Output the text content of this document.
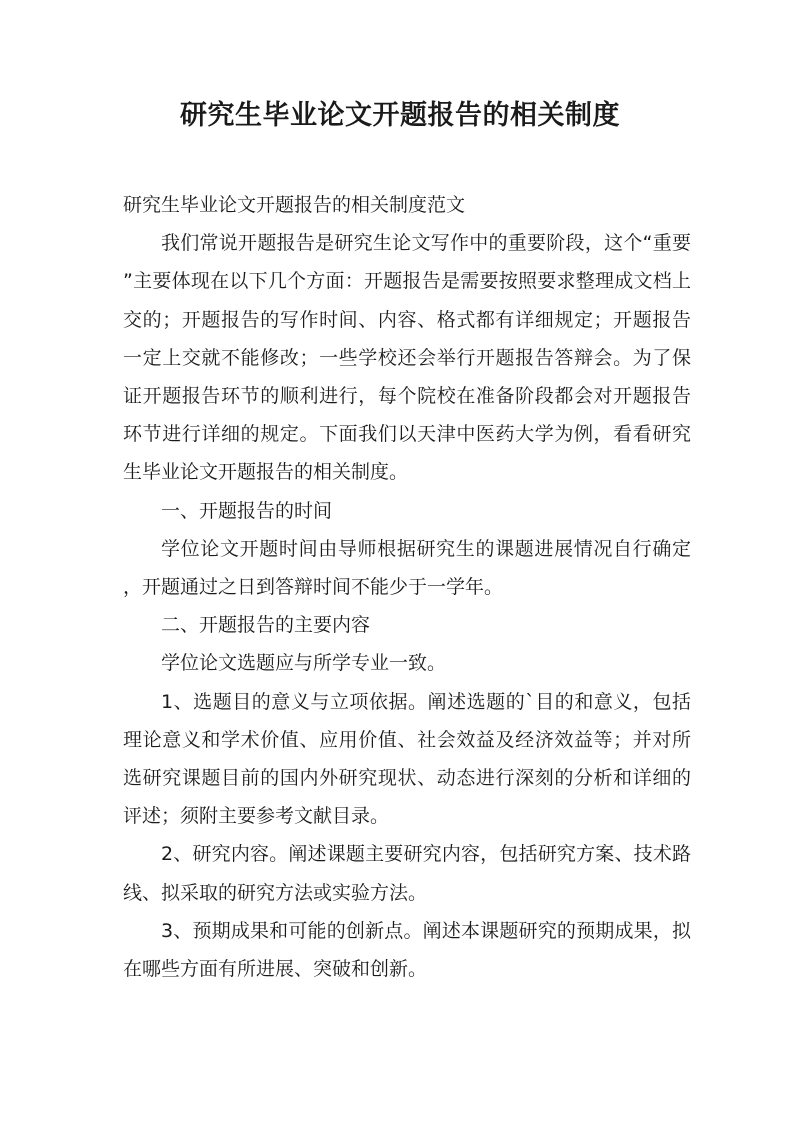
研究生毕业论文开题报告的相关制度

研究生毕业论文开题报告的相关制度范文

我们常说开题报告是研究生论文写作中的重要阶段，这个“重要”主要体现在以下几个方面：开题报告是需要按照要求整理成文档上交的；开题报告的写作时间、内容、格式都有详细规定；开题报告一定上交就不能修改；一些学校还会举行开题报告答辩会。为了保证开题报告环节的顺利进行，每个院校在准备阶段都会对开题报告环节进行详细的规定。下面我们以天津中医药大学为例，看看研究生毕业论文开题报告的相关制度。

一、开题报告的时间

学位论文开题时间由导师根据研究生的课题进展情况自行确定，开题通过之日到答辩时间不能少于一学年。

二、开题报告的主要内容

学位论文选题应与所学专业一致。

1、选题目的意义与立项依据。阐述选题的`目的和意义，包括理论意义和学术价值、应用价值、社会效益及经济效益等；并对所选研究课题目前的国内外研究现状、动态进行深刻的分析和详细的评述；须附主要参考文献目录。

2、研究内容。阐述课题主要研究内容，包括研究方案、技术路线、拟采取的研究方法或实验方法。

3、预期成果和可能的创新点。阐述本课题研究的预期成果，拟在哪些方面有所进展、突破和创新。
